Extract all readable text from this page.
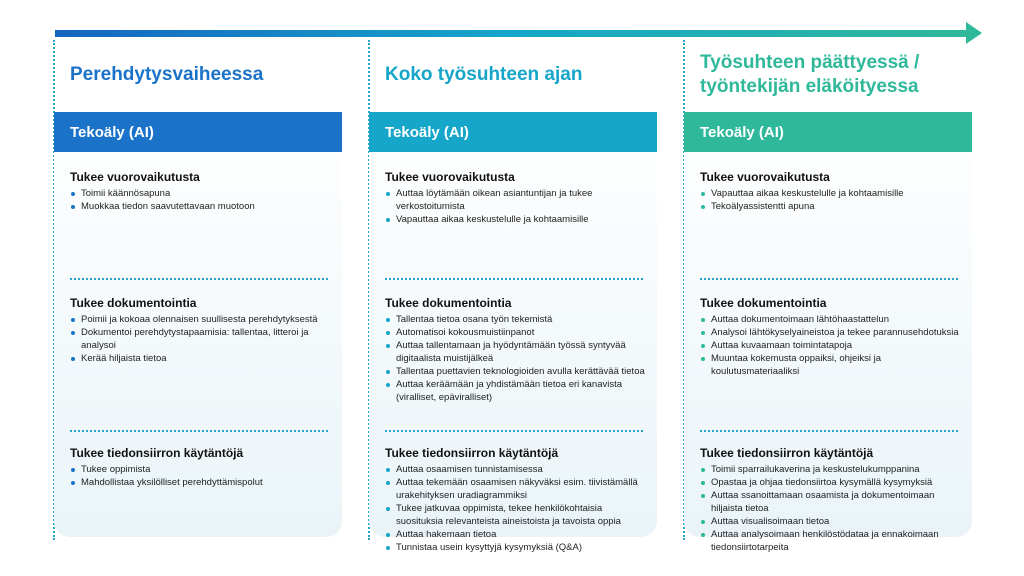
Perehdytysvaiheessa
Tekoäly (AI)
Tukee vuorovaikutusta
Toimii käännösapuna
Muokkaa tiedon saavutettavaan muotoon
Tukee dokumentointia
Poimii ja kokoaa olennaisen suullisesta perehdytyksestä
Dokumentoi perehdytystapaamisia: tallentaa, litteroi ja analysoi
Kerää hiljaista tietoa
Tukee tiedonsiirron käytäntöjä
Tukee oppimista
Mahdollistaa yksilölliset perehdyttämispolut
Koko työsuhteen ajan
Tekoäly (AI)
Tukee vuorovaikutusta
Auttaa löytämään oikean asiantuntijan ja tukee verkostoitumista
Vapauttaa aikaa keskustelulle ja kohtaamisille
Tukee dokumentointia
Tallentaa tietoa osana työn tekemistä
Automatisoi kokousmuistiinpanot
Auttaa tallentamaan ja hyödyntämään työssä syntyvää digitaalista muistijälkeä
Tallentaa puettavien teknologioiden avulla kerättävää tietoa
Auttaa keräämään ja yhdistämään tietoa eri kanavista (viralliset, epäviralliset)
Tukee tiedonsiirron käytäntöjä
Auttaa osaamisen tunnistamisessa
Auttaa tekemään osaamisen näkyväksi esim. tiivistämällä urakehityksen uradiagrammiksi
Tukee jatkuvaa oppimista, tekee henkilökohtaisia suosituksia relevanteista aineistoista ja tavoista oppia
Auttaa hakemaan tietoa
Tunnistaa usein kysyttyjä kysymyksiä (Q&A)
Työsuhteen päättyessä / työntekijän eläköityessa
Tekoäly (AI)
Tukee vuorovaikutusta
Vapauttaa aikaa keskustelulle ja kohtaamisille
Tekoälyassistentti apuna
Tukee dokumentointia
Auttaa dokumentoimaan lähtöhaastattelun
Analysoi lähtökyselyaineistoa ja tekee parannusehdotuksia
Auttaa kuvaamaan toimintatapoja
Muuntaa kokemusta oppaiksi, ohjeiksi ja koulutusmateriaaliksi
Tukee tiedonsiirron käytäntöjä
Toimii sparrailukaverina ja keskustelukumppanina
Opastaa ja ohjaa tiedonsiirtoa kysymällä kysymyksiä
Auttaa ssanoittamaan osaamista ja dokumentoimaan hiljaista tietoa
Auttaa visualisoimaan tietoa
Auttaa analysoimaan henkilöstödataa ja ennakoimaan tiedonsiirtotarpeita
